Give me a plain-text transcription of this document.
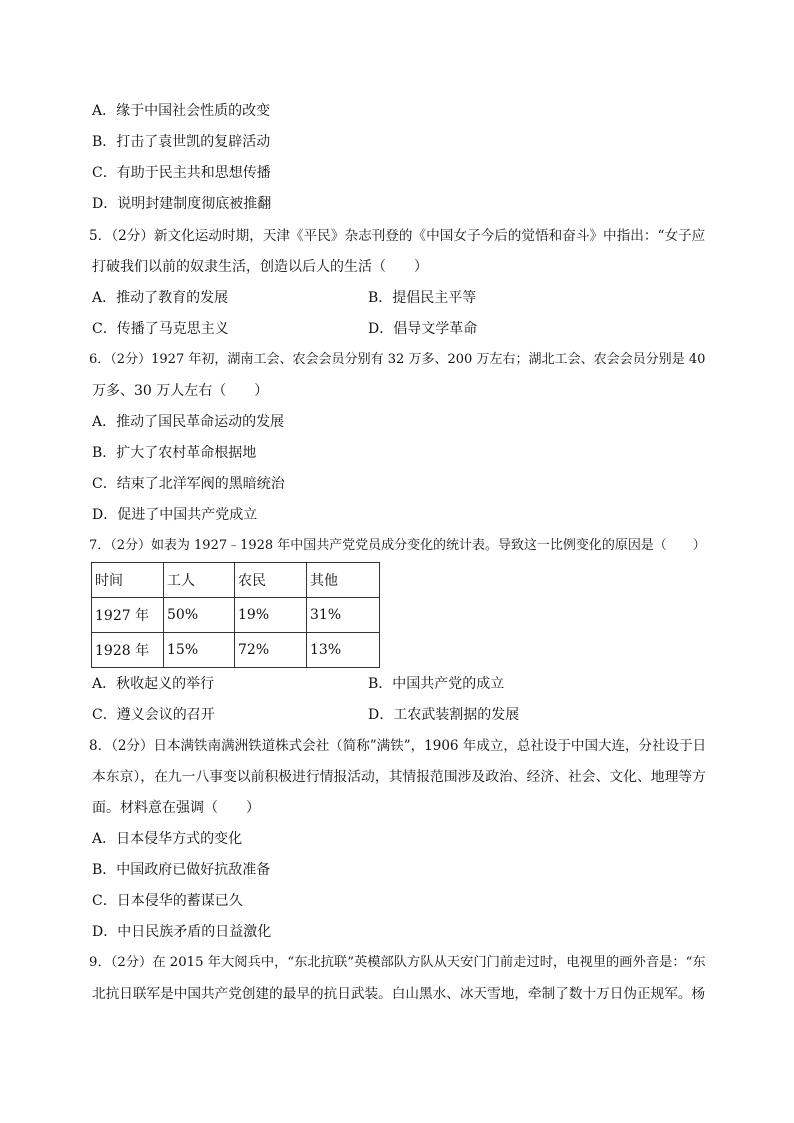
A．缘于中国社会性质的改变
B．打击了袁世凯的复辟活动
C．有助于民主共和思想传播
D．说明封建制度彻底被推翻
5．（2分）新文化运动时期，天津《平民》杂志刊登的《中国女子今后的觉悟和奋斗》中指出：“女子应
打破我们以前的奴隶生活，创造以后人的生活（　　）
A．推动了教育的发展	B．提倡民主平等
C．传播了马克思主义	D．倡导文学革命
6．（2分）1927 年初，湖南工会、农会会员分别有 32 万多、200 万左右；湖北工会、农会会员分别是 40
万多、30 万人左右（　　）
A．推动了国民革命运动的发展
B．扩大了农村革命根据地
C．结束了北洋军阀的黑暗统治
D．促进了中国共产党成立
7．（2分）如表为 1927﹣1928 年中国共产党党员成分变化的统计表。导致这一比例变化的原因是（　　）
时间	工人	农民	其他
1927 年	50%	19%	31%
1928 年	15%	72%	13%
A．秋收起义的举行	B．中国共产党的成立
C．遵义会议的召开	D．工农武装割据的发展
8．（2分）日本满铁南满洲铁道株式会社（简称”满铁”，1906 年成立，总社设于中国大连，分社设于日
本东京），在九一八事变以前积极进行情报活动，其情报范围涉及政治、经济、社会、文化、地理等方
面。材料意在强调（　　）
A．日本侵华方式的变化
B．中国政府已做好抗敌准备
C．日本侵华的蓄谋已久
D．中日民族矛盾的日益激化
9．（2分）在 2015 年大阅兵中，“东北抗联”英模部队方队从天安门门前走过时，电视里的画外音是：“东
北抗日联军是中国共产党创建的最早的抗日武装。白山黑水、冰天雪地，牵制了数十万日伪正规军。杨
